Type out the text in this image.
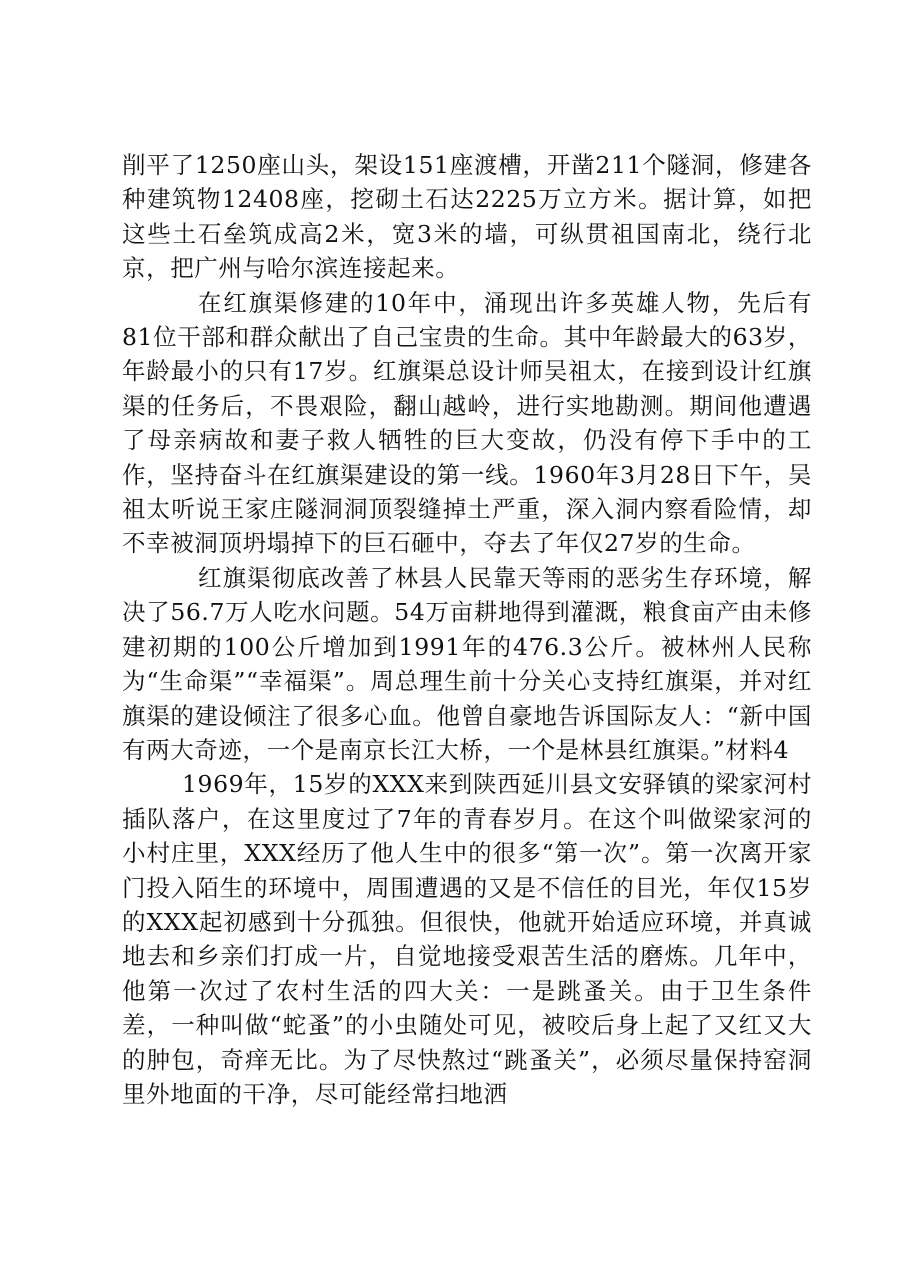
削平了1250座山头，架设151座渡槽，开凿211个隧洞，修建各种建筑物12408座，挖砌土石达2225万立方米。据计算，如把这些土石垒筑成高2米，宽3米的墙，可纵贯祖国南北，绕行北京，把广州与哈尔滨连接起来。

在红旗渠修建的10年中，涌现出许多英雄人物，先后有81位干部和群众献出了自己宝贵的生命。其中年龄最大的63岁，年龄最小的只有17岁。红旗渠总设计师吴祖太，在接到设计红旗渠的任务后，不畏艰险，翻山越岭，进行实地勘测。期间他遭遇了母亲病故和妻子救人牺牲的巨大变故，仍没有停下手中的工作，坚持奋斗在红旗渠建设的第一线。1960年3月28日下午，吴祖太听说王家庄隧洞洞顶裂缝掉土严重，深入洞内察看险情，却不幸被洞顶坍塌掉下的巨石砸中，夺去了年仅27岁的生命。

红旗渠彻底改善了林县人民靠天等雨的恶劣生存环境，解决了56.7万人吃水问题。54万亩耕地得到灌溉，粮食亩产由未修建初期的100公斤增加到1991年的476.3公斤。被林州人民称为“生命渠”“幸福渠”。周总理生前十分关心支持红旗渠，并对红旗渠的建设倾注了很多心血。他曾自豪地告诉国际友人：“新中国有两大奇迹，一个是南京长江大桥，一个是林县红旗渠。”材料4

1969年，15岁的XXX来到陕西延川县文安驿镇的梁家河村插队落户，在这里度过了7年的青春岁月。在这个叫做梁家河的小村庄里，XXX经历了他人生中的很多“第一次”。第一次离开家门投入陌生的环境中，周围遭遇的又是不信任的目光，年仅15岁的XXX起初感到十分孤独。但很快，他就开始适应环境，并真诚地去和乡亲们打成一片，自觉地接受艰苦生活的磨炼。几年中，他第一次过了农村生活的四大关：一是跳蚤关。由于卫生条件差，一种叫做“蛇蚤”的小虫随处可见，被咬后身上起了又红又大的肿包，奇痒无比。为了尽快熬过“跳蚤关”，必须尽量保持窑洞里外地面的干净，尽可能经常扫地洒
